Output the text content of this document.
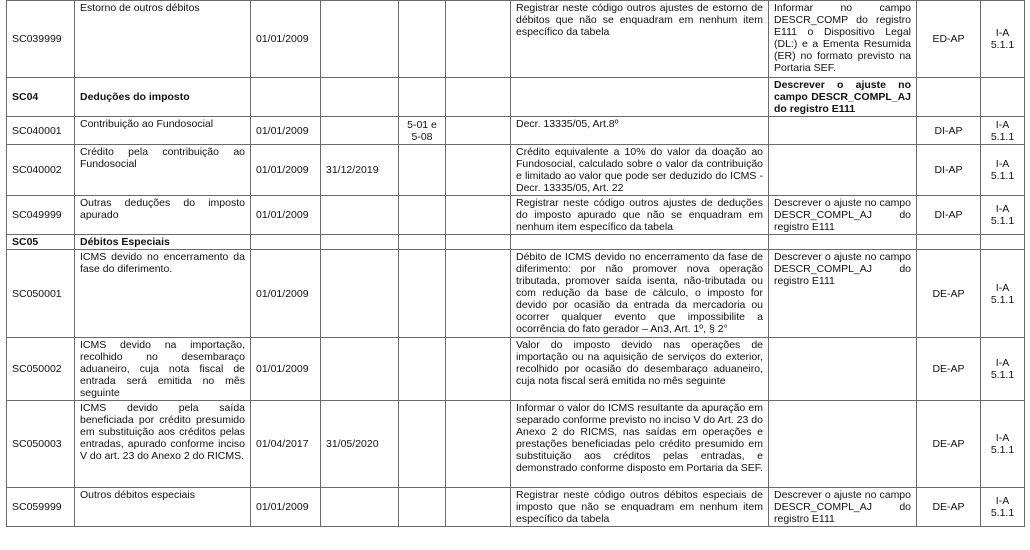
SC039999	Estorno de outros débitos	01/01/2009				Registrar neste código outros ajustes de estorno de débitos que não se enquadram em nenhum item específico da tabela	Informar no campo DESCR_COMP do registro E111 o Dispositivo Legal (DL:) e a Ementa Resumida (ER) no formato previsto na Portaria SEF.	ED-AP	I-A 5.1.1
SC04	Deduções do imposto						Descrever o ajuste no campo DESCR_COMPL_AJ do registro E111		
SC040001	Contribuição ao Fundosocial	01/01/2009		5-01 e 5-08		Decr. 13335/05, Art.8º		DI-AP	I-A 5.1.1
SC040002	Crédito pela contribuição ao Fundosocial	01/01/2009	31/12/2019			Crédito equivalente a 10% do valor da doação ao Fundosocial, calculado sobre o valor da contribuição e limitado ao valor que pode ser deduzido do ICMS - Decr. 13335/05, Art. 22		DI-AP	I-A 5.1.1
SC049999	Outras deduções do imposto apurado	01/01/2009				Registrar neste código outros ajustes de deduções do imposto apurado que não se enquadram em nenhum item específico da tabela	Descrever o ajuste no campo DESCR_COMPL_AJ do registro E111	DI-AP	I-A 5.1.1
SC05	Débitos Especiais								
SC050001	ICMS devido no encerramento da fase do diferimento.	01/01/2009				Débito de ICMS devido no encerramento da fase de diferimento: por não promover nova operação tributada, promover saída isenta, não-tributada ou com redução da base de cálculo, o imposto for devido por ocasião da entrada da mercadoria ou ocorrer qualquer evento que impossibilite a ocorrência do fato gerador – An3, Art. 1º, § 2°	Descrever o ajuste no campo DESCR_COMPL_AJ do registro E111	DE-AP	I-A 5.1.1
SC050002	ICMS devido na importação, recolhido no desembaraço aduaneiro, cuja nota fiscal de entrada será emitida no mês seguinte	01/01/2009				Valor do imposto devido nas operações de importação ou na aquisição de serviços do exterior, recolhido por ocasião do desembaraço aduaneiro, cuja nota fiscal será emitida no mês seguinte		DE-AP	I-A 5.1.1
SC050003	ICMS devido pela saída beneficiada por crédito presumido em substituição aos créditos pelas entradas, apurado conforme inciso V do art. 23 do Anexo 2 do RICMS.	01/04/2017	31/05/2020			Informar o valor do ICMS resultante da apuração em separado conforme previsto no inciso V do Art. 23 do Anexo 2 do RICMS, nas saídas em operações e prestações beneficiadas pelo crédito presumido em substituição aos créditos pelas entradas, e demonstrado conforme disposto em Portaria da SEF.		DE-AP	I-A 5.1.1
SC059999	Outros débitos especiais	01/01/2009				Registrar neste código outros débitos especiais de imposto que não se enquadram em nenhum item específico da tabela	Descrever o ajuste no campo DESCR_COMPL_AJ do registro E111	DE-AP	I-A 5.1.1
